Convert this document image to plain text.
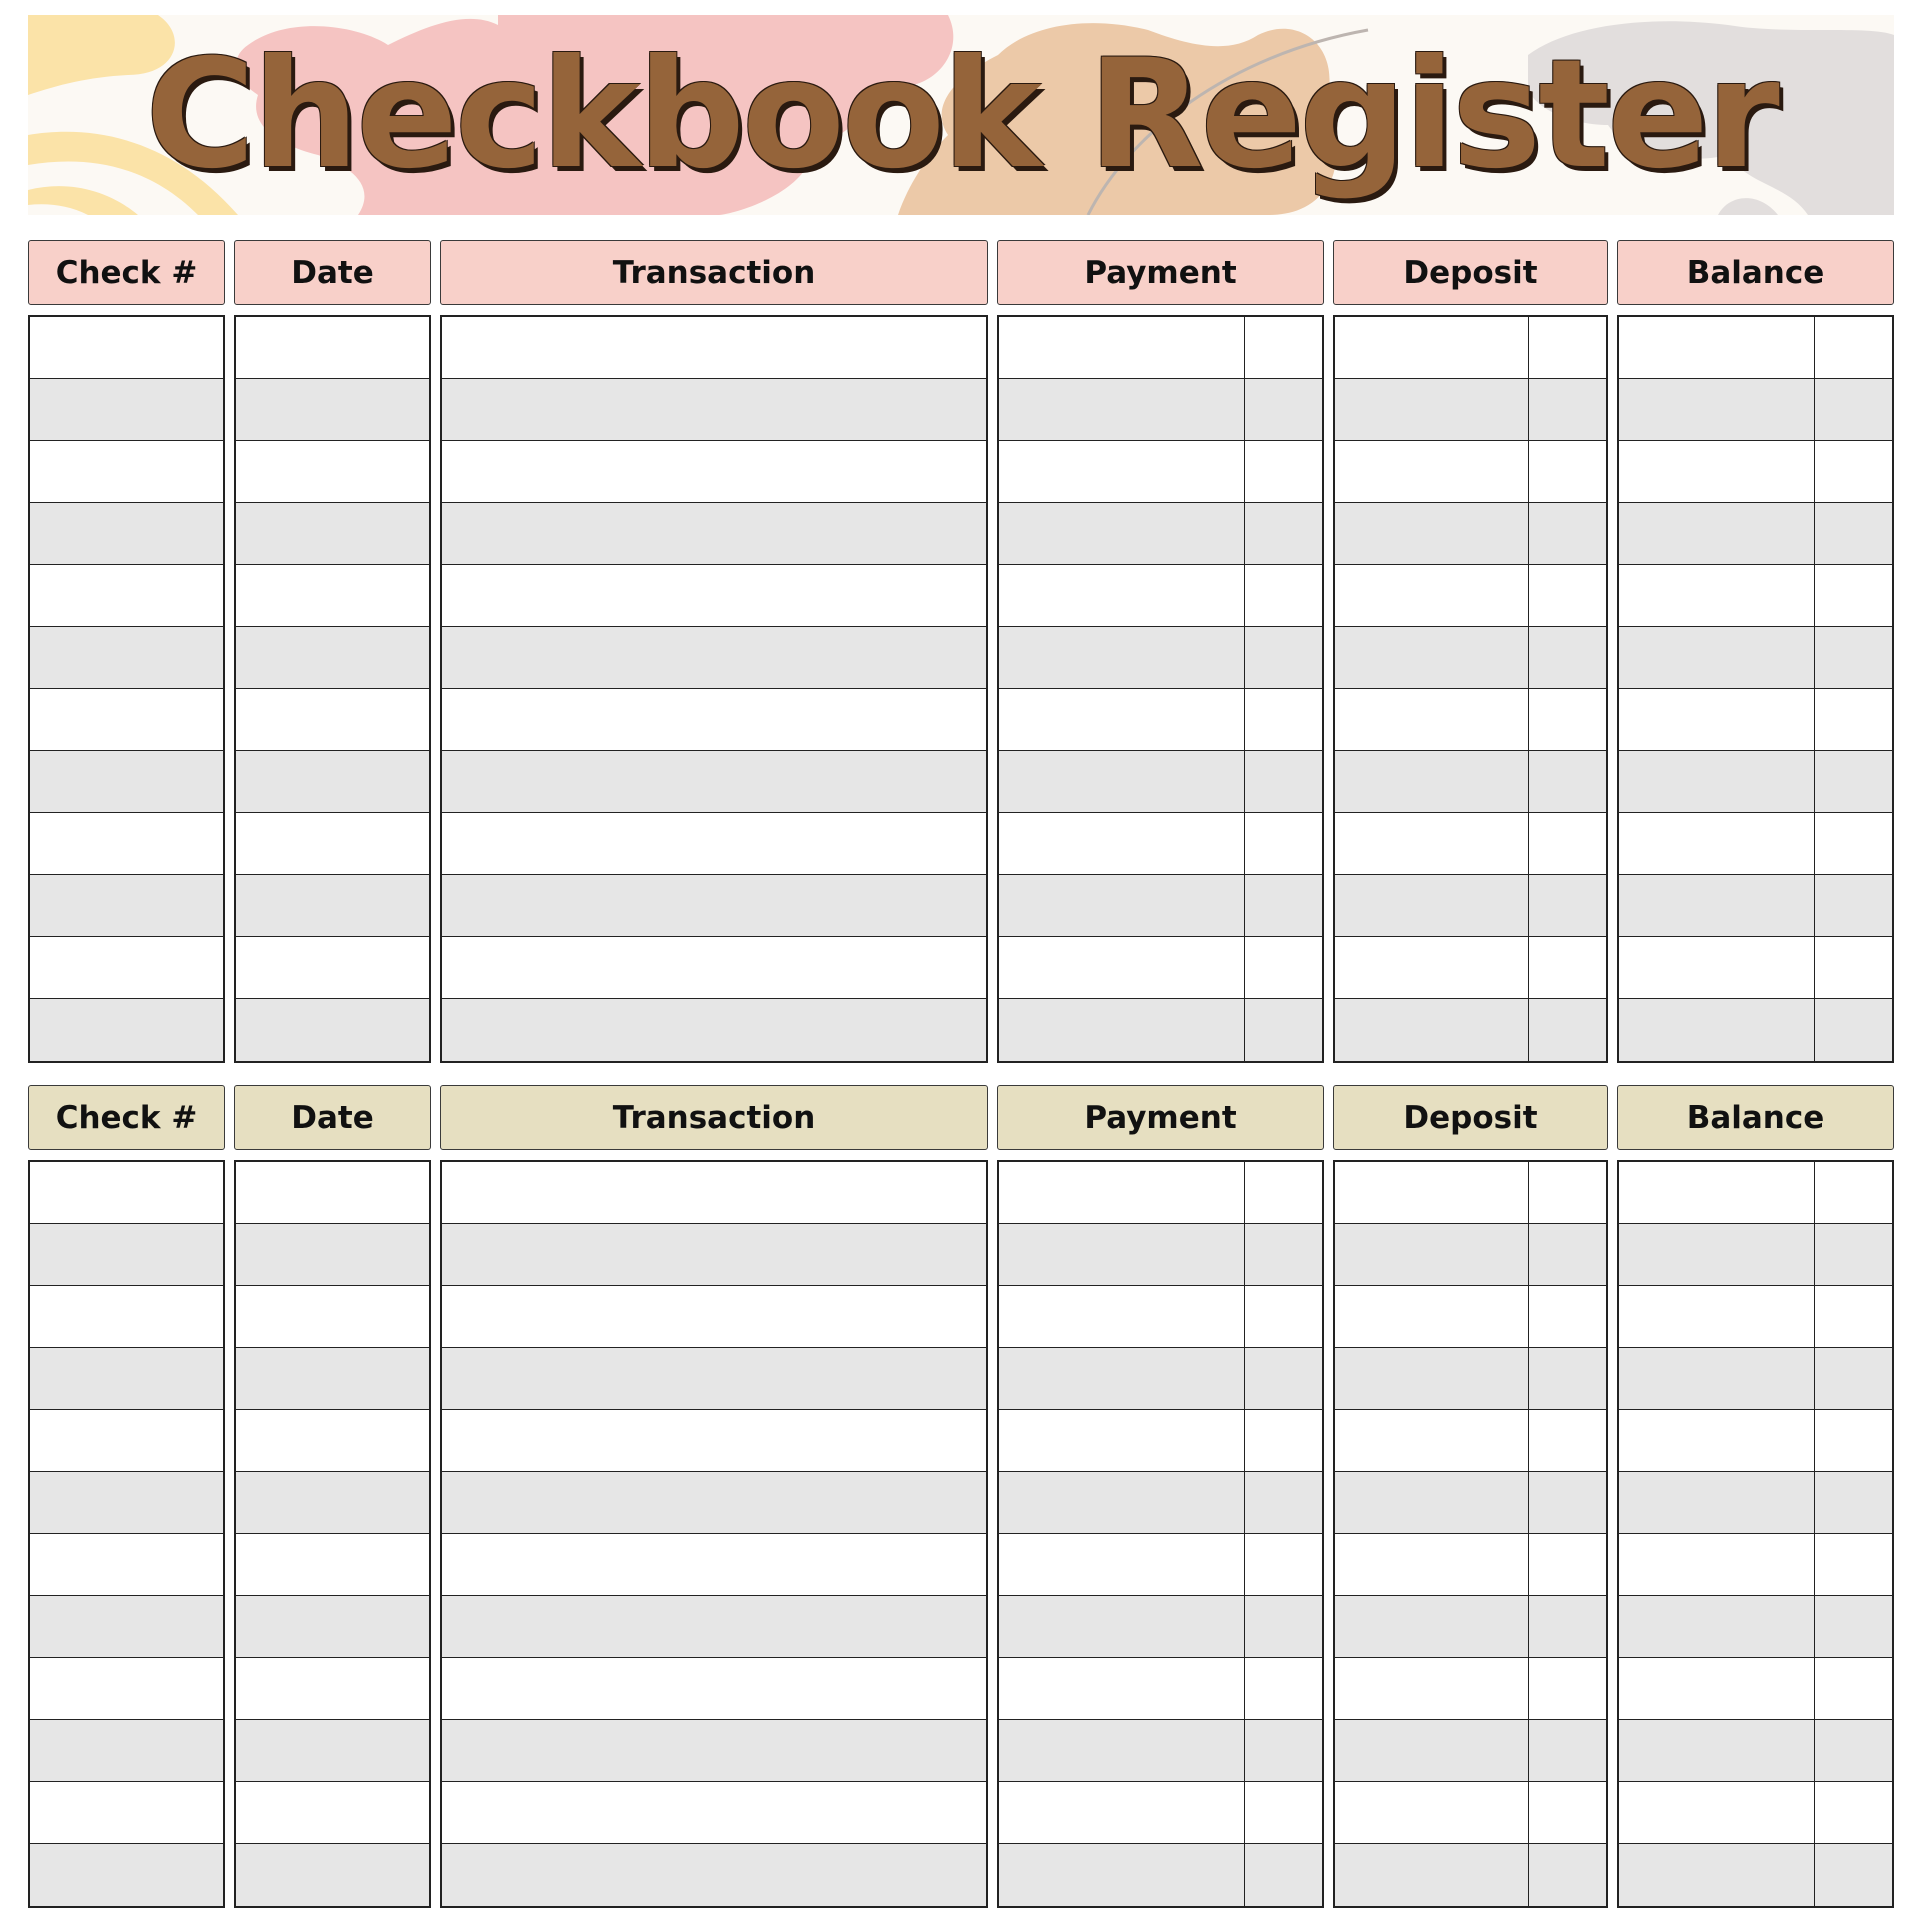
Checkbook Register
Check #	Date	Transaction	Payment	Deposit	Balance
Check #	Date	Transaction	Payment	Deposit	Balance
